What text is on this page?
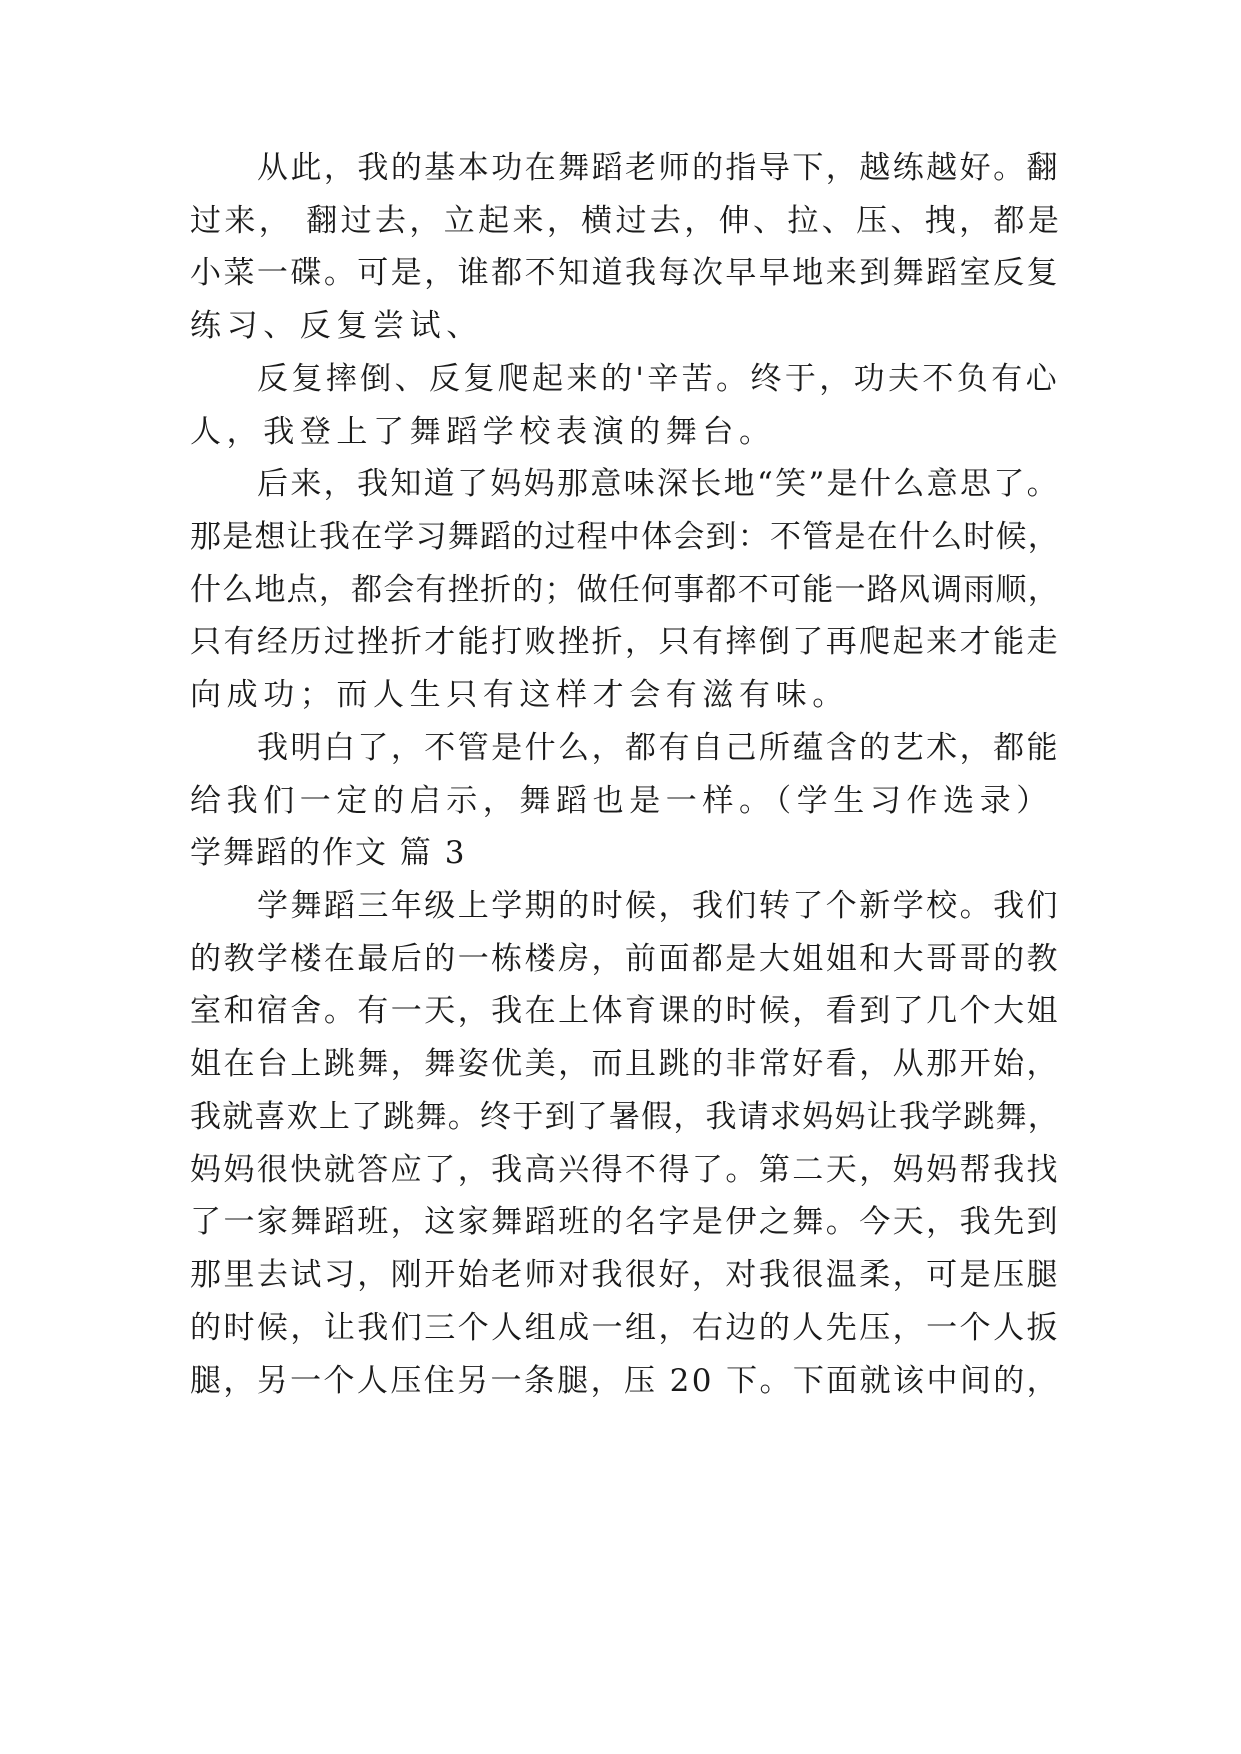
从此，我的基本功在舞蹈老师的指导下，越练越好。翻
过来， 翻过去，立起来，横过去，伸、拉、压、拽，都是
小菜一碟。可是，谁都不知道我每次早早地来到舞蹈室反复
练习、反复尝试、
反复摔倒、反复爬起来的'辛苦。终于，功夫不负有心
人，我登上了舞蹈学校表演的舞台。
后来，我知道了妈妈那意味深长地“笑”是什么意思了。
那是想让我在学习舞蹈的过程中体会到：不管是在什么时候，
什么地点，都会有挫折的；做任何事都不可能一路风调雨顺，
只有经历过挫折才能打败挫折，只有摔倒了再爬起来才能走
向成功；而人生只有这样才会有滋有味。
我明白了，不管是什么，都有自己所蕴含的艺术，都能
给我们一定的启示，舞蹈也是一样。（学生习作选录）
学舞蹈的作文 篇 3
学舞蹈三年级上学期的时候，我们转了个新学校。我们
的教学楼在最后的一栋楼房，前面都是大姐姐和大哥哥的教
室和宿舍。有一天，我在上体育课的时候，看到了几个大姐
姐在台上跳舞，舞姿优美，而且跳的非常好看，从那开始，
我就喜欢上了跳舞。终于到了暑假，我请求妈妈让我学跳舞，
妈妈很快就答应了，我高兴得不得了。第二天，妈妈帮我找
了一家舞蹈班，这家舞蹈班的名字是伊之舞。今天，我先到
那里去试习，刚开始老师对我很好，对我很温柔，可是压腿
的时候，让我们三个人组成一组，右边的人先压，一个人扳
腿，另一个人压住另一条腿，压 20 下。下面就该中间的，
